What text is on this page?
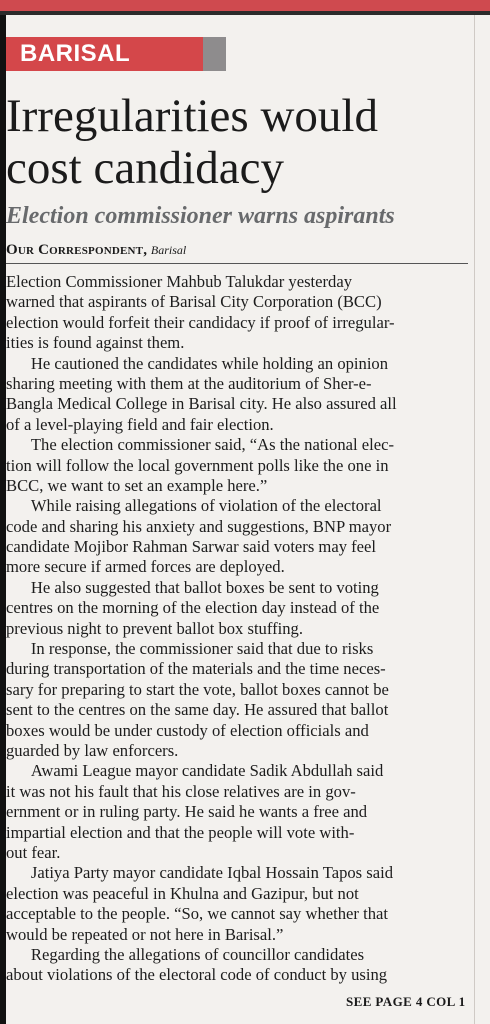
BARISAL
Irregularities would
cost candidacy
Election commissioner warns aspirants
Our Correspondent, Barisal
Election Commissioner Mahbub Talukdar yesterday
warned that aspirants of Barisal City Corporation (BCC)
election would forfeit their candidacy if proof of irregular-
ities is found against them.
  He cautioned the candidates while holding an opinion
sharing meeting with them at the auditorium of Sher-e-
Bangla Medical College in Barisal city. He also assured all
of a level-playing field and fair election.
  The election commissioner said, “As the national elec-
tion will follow the local government polls like the one in
BCC, we want to set an example here.”
  While raising allegations of violation of the electoral
code and sharing his anxiety and suggestions, BNP mayor
candidate Mojibor Rahman Sarwar said voters may feel
more secure if armed forces are deployed.
  He also suggested that ballot boxes be sent to voting
centres on the morning of the election day instead of the
previous night to prevent ballot box stuffing.
  In response, the commissioner said that due to risks
during transportation of the materials and the time neces-
sary for preparing to start the vote, ballot boxes cannot be
sent to the centres on the same day. He assured that ballot
boxes would be under custody of election officials and
guarded by law enforcers.
  Awami League mayor candidate Sadik Abdullah said
it was not his fault that his close relatives are in gov-
ernment or in ruling party. He said he wants a free and
impartial election and that the people will vote with-
out fear.
  Jatiya Party mayor candidate Iqbal Hossain Tapos said
election was peaceful in Khulna and Gazipur, but not
acceptable to the people. “So, we cannot say whether that
would be repeated or not here in Barisal.”
  Regarding the allegations of councillor candidates
about violations of the electoral code of conduct by using
SEE PAGE 4 COL 1
